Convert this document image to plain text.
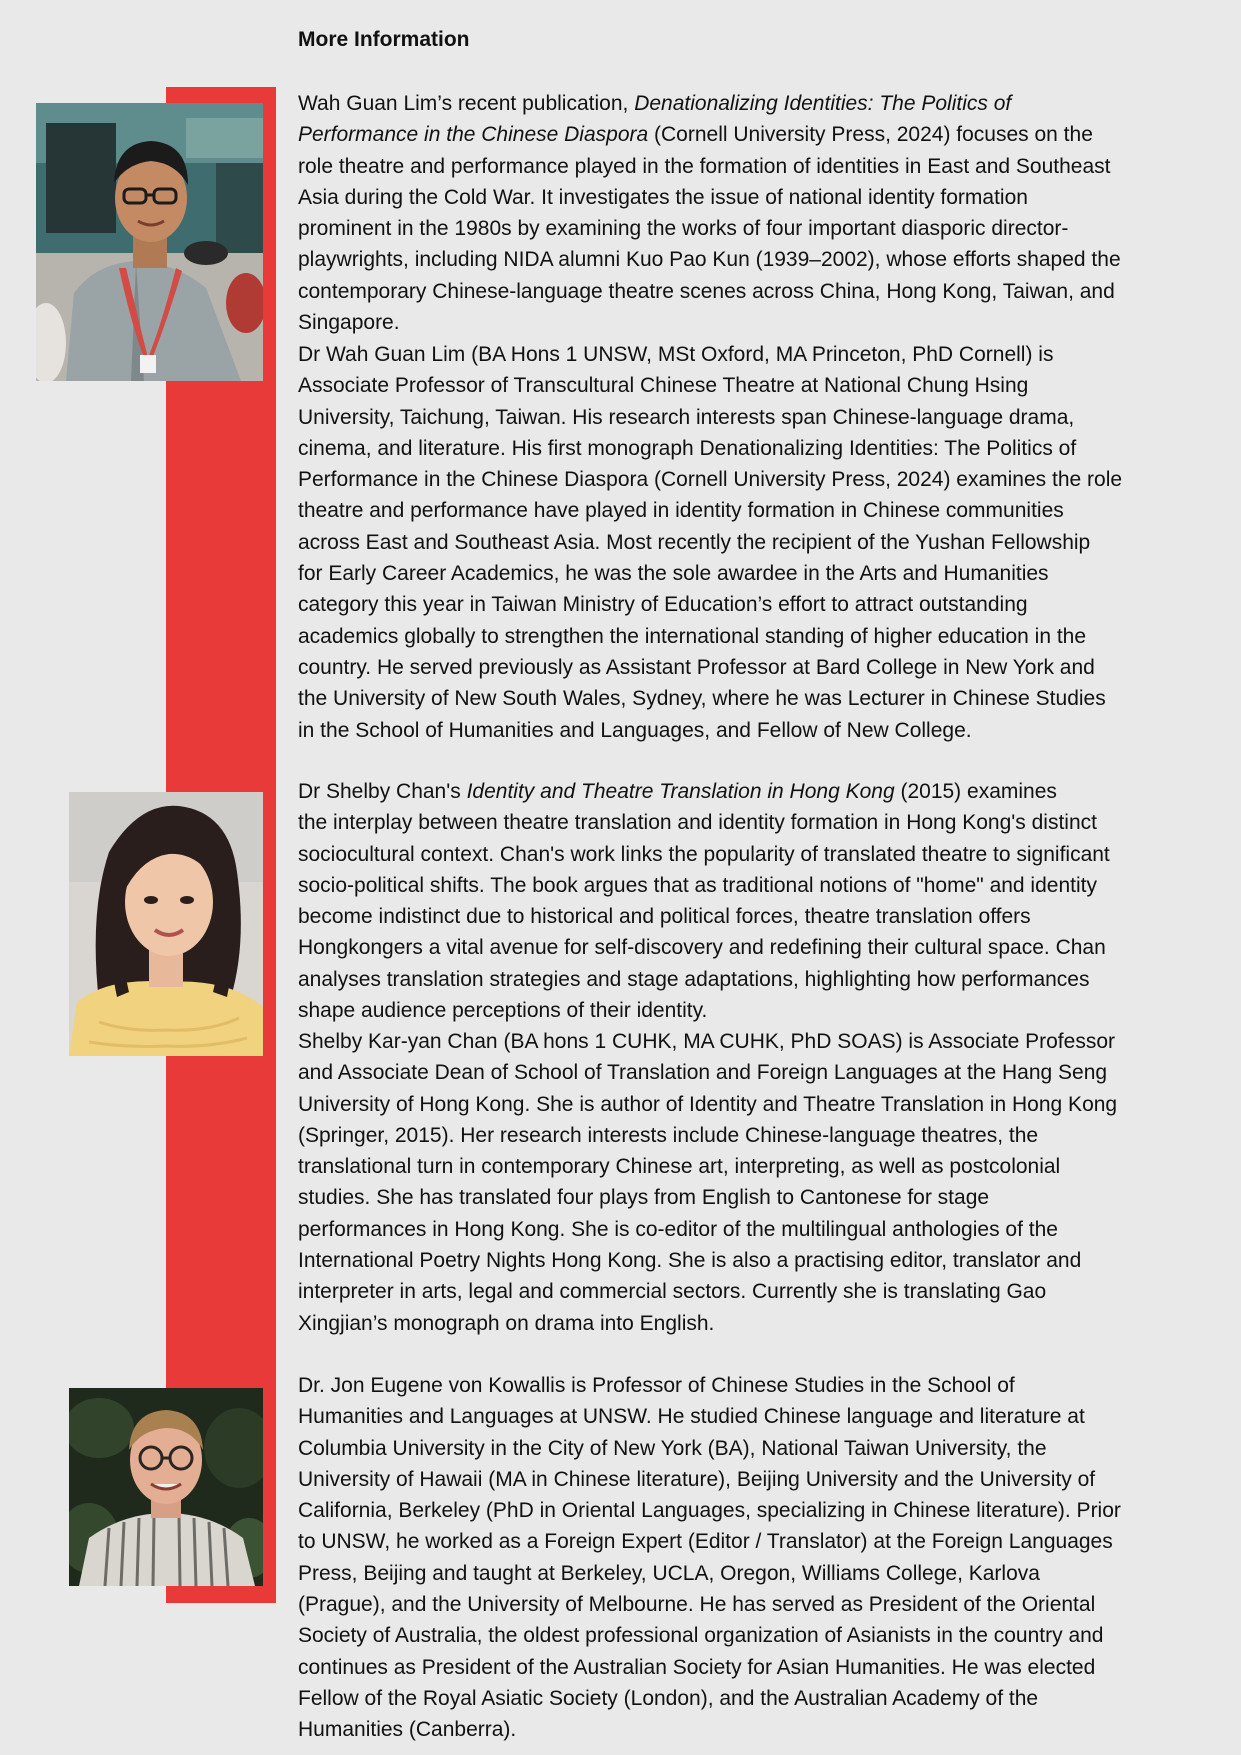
More Information

Wah Guan Lim’s recent publication, Denationalizing Identities: The Politics of
Performance in the Chinese Diaspora (Cornell University Press, 2024) focuses on the
role theatre and performance played in the formation of identities in East and Southeast
Asia during the Cold War. It investigates the issue of national identity formation
prominent in the 1980s by examining the works of four important diasporic director-
playwrights, including NIDA alumni Kuo Pao Kun (1939–2002), whose efforts shaped the
contemporary Chinese-language theatre scenes across China, Hong Kong, Taiwan, and
Singapore.

Dr Wah Guan Lim (BA Hons 1 UNSW, MSt Oxford, MA Princeton, PhD Cornell) is
Associate Professor of Transcultural Chinese Theatre at National Chung Hsing
University, Taichung, Taiwan. His research interests span Chinese-language drama,
cinema, and literature. His first monograph Denationalizing Identities: The Politics of
Performance in the Chinese Diaspora (Cornell University Press, 2024) examines the role
theatre and performance have played in identity formation in Chinese communities
across East and Southeast Asia. Most recently the recipient of the Yushan Fellowship
for Early Career Academics, he was the sole awardee in the Arts and Humanities
category this year in Taiwan Ministry of Education’s effort to attract outstanding
academics globally to strengthen the international standing of higher education in the
country. He served previously as Assistant Professor at Bard College in New York and
the University of New South Wales, Sydney, where he was Lecturer in Chinese Studies
in the School of Humanities and Languages, and Fellow of New College.

Dr Shelby Chan's Identity and Theatre Translation in Hong Kong (2015) examines
the interplay between theatre translation and identity formation in Hong Kong's distinct
sociocultural context. Chan's work links the popularity of translated theatre to significant
socio-political shifts. The book argues that as traditional notions of "home" and identity
become indistinct due to historical and political forces, theatre translation offers
Hongkongers a vital avenue for self-discovery and redefining their cultural space. Chan
analyses translation strategies and stage adaptations, highlighting how performances
shape audience perceptions of their identity.

Shelby Kar-yan Chan (BA hons 1 CUHK, MA CUHK, PhD SOAS) is Associate Professor
and Associate Dean of School of Translation and Foreign Languages at the Hang Seng
University of Hong Kong. She is author of Identity and Theatre Translation in Hong Kong
(Springer, 2015). Her research interests include Chinese-language theatres, the
translational turn in contemporary Chinese art, interpreting, as well as postcolonial
studies. She has translated four plays from English to Cantonese for stage
performances in Hong Kong. She is co-editor of the multilingual anthologies of the
International Poetry Nights Hong Kong. She is also a practising editor, translator and
interpreter in arts, legal and commercial sectors. Currently she is translating Gao
Xingjian’s monograph on drama into English.

Dr. Jon Eugene von Kowallis is Professor of Chinese Studies in the School of
Humanities and Languages at UNSW. He studied Chinese language and literature at
Columbia University in the City of New York (BA), National Taiwan University, the
University of Hawaii (MA in Chinese literature), Beijing University and the University of
California, Berkeley (PhD in Oriental Languages, specializing in Chinese literature). Prior
to UNSW, he worked as a Foreign Expert (Editor / Translator) at the Foreign Languages
Press, Beijing and taught at Berkeley, UCLA, Oregon, Williams College, Karlova
(Prague), and the University of Melbourne. He has served as President of the Oriental
Society of Australia, the oldest professional organization of Asianists in the country and
continues as President of the Australian Society for Asian Humanities. He was elected
Fellow of the Royal Asiatic Society (London), and the Australian Academy of the
Humanities (Canberra).
